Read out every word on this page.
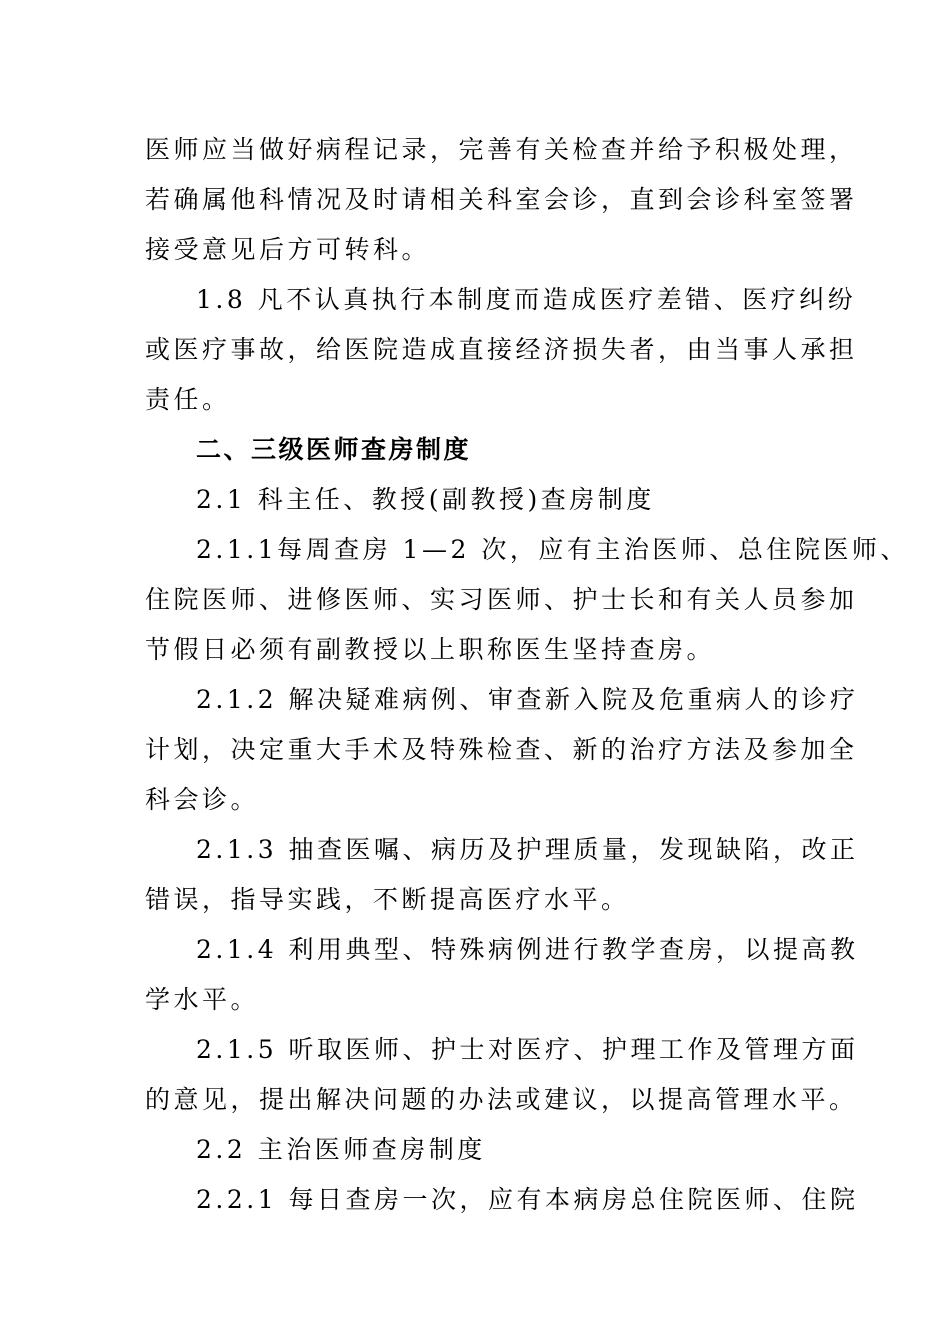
医师应当做好病程记录，完善有关检查并给予积极处理，
若确属他科情况及时请相关科室会诊，直到会诊科室签署
接受意见后方可转科。
1.8 凡不认真执行本制度而造成医疗差错、医疗纠纷
或医疗事故，给医院造成直接经济损失者，由当事人承担
责任。
二、三级医师查房制度
2.1 科主任、教授(副教授)查房制度
2.1.1每周查房 1—2 次，应有主治医师、总住院医师、
住院医师、进修医师、实习医师、护士长和有关人员参加
节假日必须有副教授以上职称医生坚持查房。
2.1.2 解决疑难病例、审查新入院及危重病人的诊疗
计划，决定重大手术及特殊检查、新的治疗方法及参加全
科会诊。
2.1.3 抽查医嘱、病历及护理质量，发现缺陷，改正
错误，指导实践，不断提高医疗水平。
2.1.4 利用典型、特殊病例进行教学查房，以提高教
学水平。
2.1.5 听取医师、护士对医疗、护理工作及管理方面
的意见，提出解决问题的办法或建议，以提高管理水平。
2.2 主治医师查房制度
2.2.1 每日查房一次，应有本病房总住院医师、住院
